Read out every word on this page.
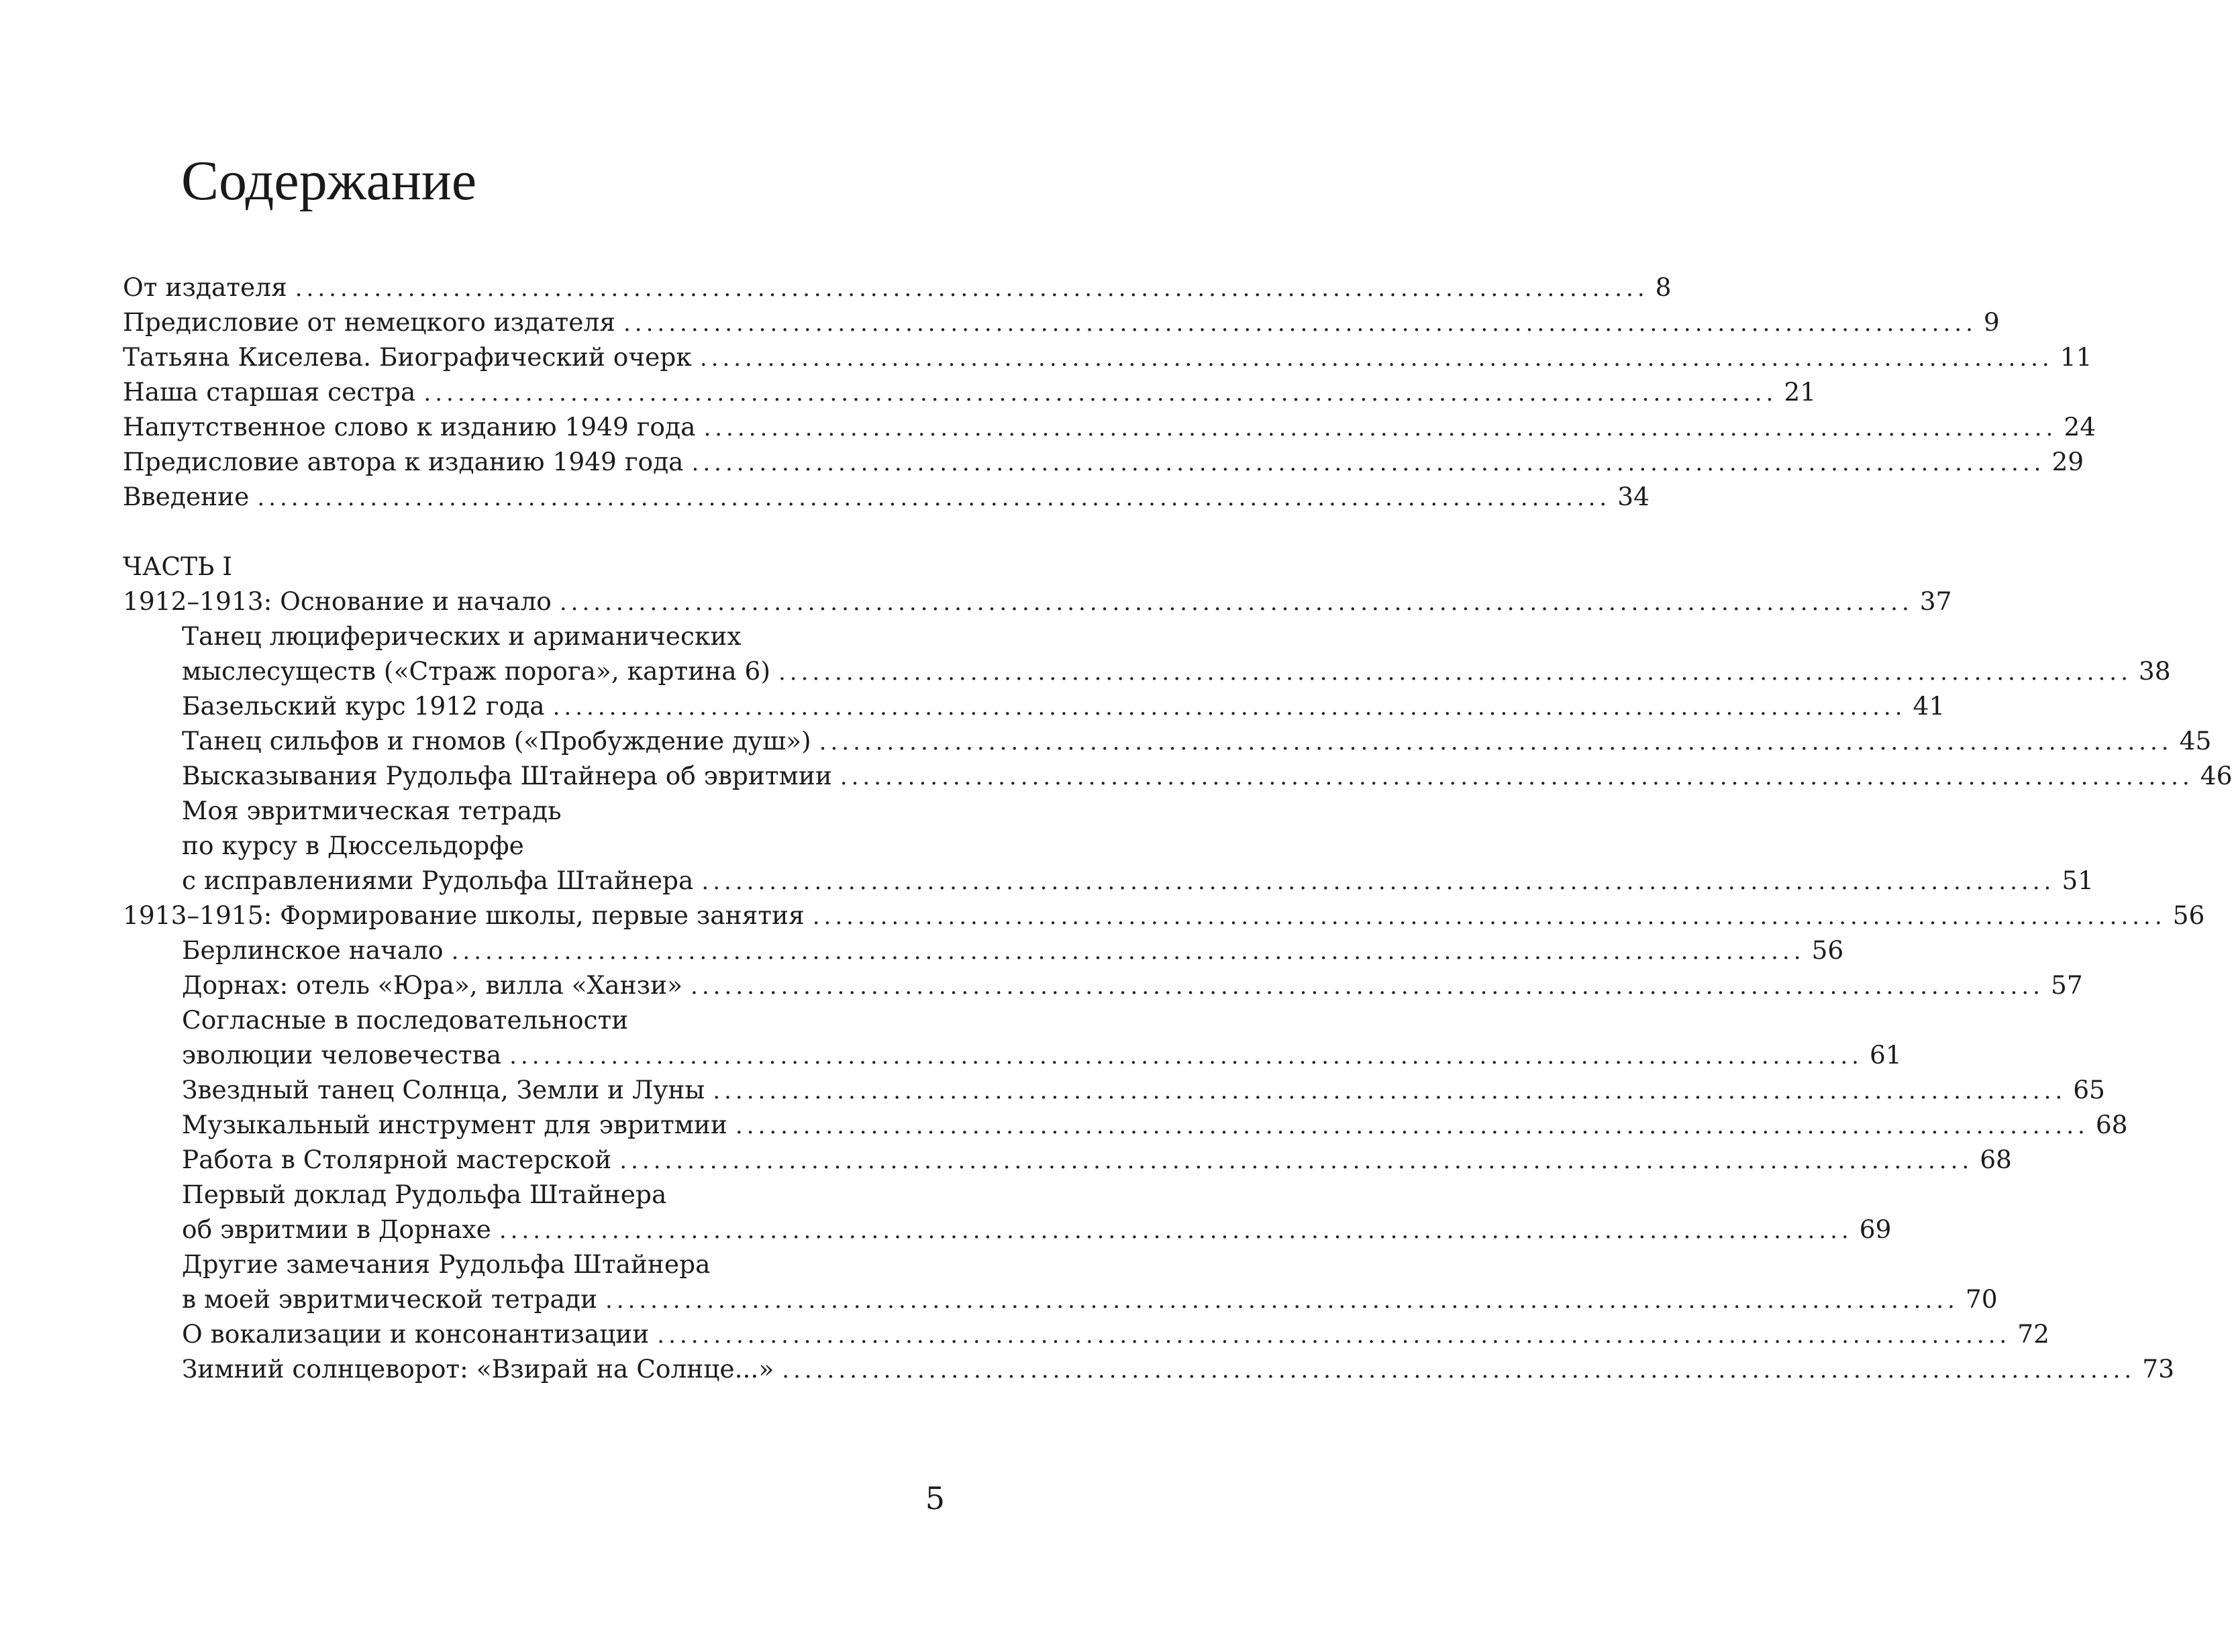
Содержание
От издателя ........................................................................................................................ 8
Предисловие от немецкого издателя ........................................................................................................................ 9
Татьяна Киселева. Биографический очерк ........................................................................................................................ 11
Наша старшая сестра ........................................................................................................................ 21
Напутственное слово к изданию 1949 года ........................................................................................................................ 24
Предисловие автора к изданию 1949 года ........................................................................................................................ 29
Введение ........................................................................................................................ 34
ЧАСТЬ I
1912–1913: Основание и начало ........................................................................................................................ 37
Танец люциферических и ариманических
мыслесуществ («Страж порога», картина 6) ........................................................................................................................ 38
Базельский курс 1912 года ........................................................................................................................ 41
Танец сильфов и гномов («Пробуждение душ») ........................................................................................................................ 45
Высказывания Рудольфа Штайнера об эвритмии ........................................................................................................................ 46
Моя эвритмическая тетрадь
по курсу в Дюссельдорфе
с исправлениями Рудольфа Штайнера ........................................................................................................................ 51
1913–1915: Формирование школы, первые занятия ........................................................................................................................ 56
Берлинское начало ........................................................................................................................ 56
Дорнах: отель «Юра», вилла «Ханзи» ........................................................................................................................ 57
Согласные в последовательности
эволюции человечества ........................................................................................................................ 61
Звездный танец Солнца, Земли и Луны ........................................................................................................................ 65
Музыкальный инструмент для эвритмии ........................................................................................................................ 68
Работа в Столярной мастерской ........................................................................................................................ 68
Первый доклад Рудольфа Штайнера
об эвритмии в Дорнахе ........................................................................................................................ 69
Другие замечания Рудольфа Штайнера
в моей эвритмической тетради ........................................................................................................................ 70
О вокализации и консонантизации ........................................................................................................................ 72
Зимний солнцеворот: «Взирай на Солнце...» ........................................................................................................................ 73
5
